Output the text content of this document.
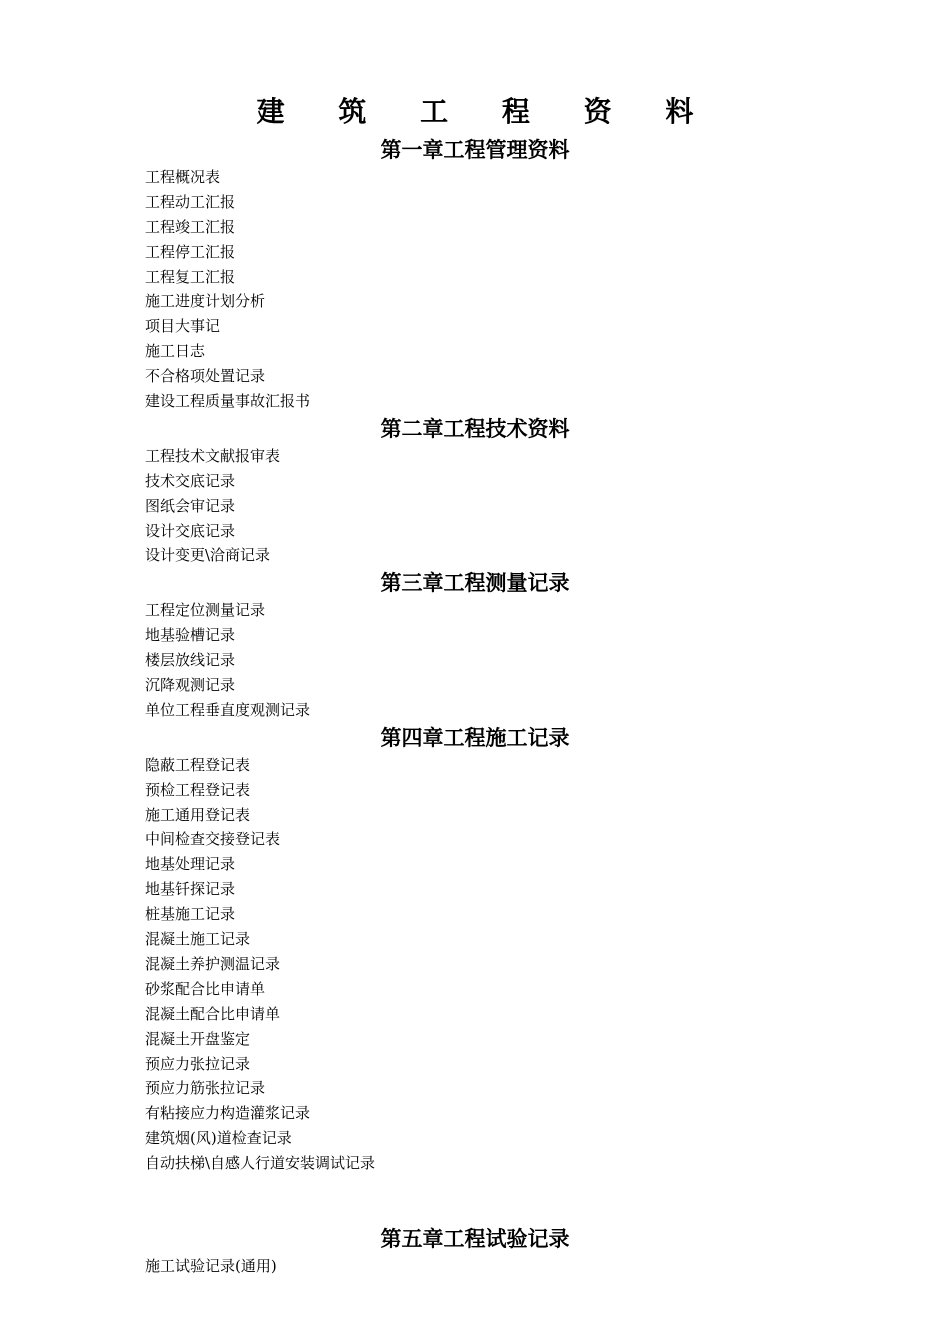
建 筑 工 程 资 料
第一章工程管理资料
工程概况表
工程动工汇报
工程竣工汇报
工程停工汇报
工程复工汇报
施工进度计划分析
项目大事记
施工日志
不合格项处置记录
建设工程质量事故汇报书
第二章工程技术资料
工程技术文献报审表
技术交底记录
图纸会审记录
设计交底记录
设计变更\洽商记录
第三章工程测量记录
工程定位测量记录
地基验槽记录
楼层放线记录
沉降观测记录
单位工程垂直度观测记录
第四章工程施工记录
隐蔽工程登记表
预检工程登记表
施工通用登记表
中间检查交接登记表
地基处理记录
地基钎探记录
桩基施工记录
混凝土施工记录
混凝土养护测温记录
砂浆配合比申请单
混凝土配合比申请单
混凝土开盘鉴定
预应力张拉记录
预应力筋张拉记录
有粘接应力构造灌浆记录
建筑烟(风)道检查记录
自动扶梯\自感人行道安装调试记录
第五章工程试验记录
施工试验记录(通用)
